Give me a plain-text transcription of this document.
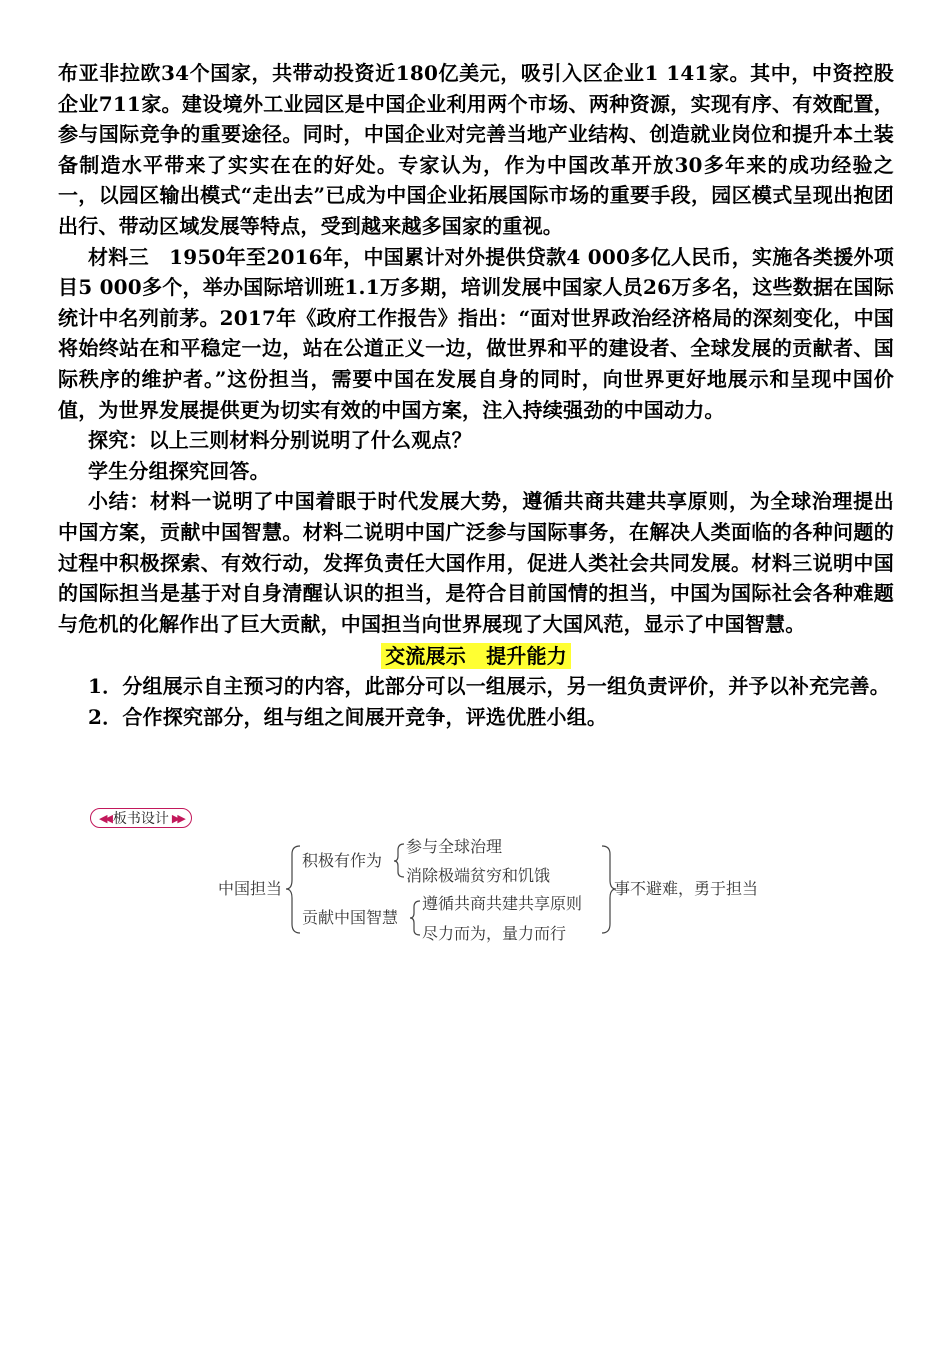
布亚非拉欧34个国家，共带动投资近180亿美元，吸引入区企业1 141家。其中，中资控股企业711家。建设境外工业园区是中国企业利用两个市场、两种资源，实现有序、有效配置，参与国际竞争的重要途径。同时，中国企业对完善当地产业结构、创造就业岗位和提升本土装备制造水平带来了实实在在的好处。专家认为，作为中国改革开放30多年来的成功经验之一，以园区输出模式“走出去”已成为中国企业拓展国际市场的重要手段，园区模式呈现出抱团出行、带动区域发展等特点，受到越来越多国家的重视。

材料三　1950年至2016年，中国累计对外提供贷款4 000多亿人民币，实施各类援外项目5 000多个，举办国际培训班1.1万多期，培训发展中国家人员26万多名，这些数据在国际统计中名列前茅。2017年《政府工作报告》指出：“面对世界政治经济格局的深刻变化，中国将始终站在和平稳定一边，站在公道正义一边，做世界和平的建设者、全球发展的贡献者、国际秩序的维护者。”这份担当，需要中国在发展自身的同时，向世界更好地展示和呈现中国价值，为世界发展提供更为切实有效的中国方案，注入持续强劲的中国动力。

探究：以上三则材料分别说明了什么观点？

学生分组探究回答。

小结：材料一说明了中国着眼于时代发展大势，遵循共商共建共享原则，为全球治理提出中国方案，贡献中国智慧。材料二说明中国广泛参与国际事务，在解决人类面临的各种问题的过程中积极探索、有效行动，发挥负责任大国作用，促进人类社会共同发展。材料三说明中国的国际担当是基于对自身清醒认识的担当，是符合目前国情的担当，中国为国际社会各种难题与危机的化解作出了巨大贡献，中国担当向世界展现了大国风范，显示了中国智慧。

交流展示　提升能力

1．分组展示自主预习的内容，此部分可以一组展示，另一组负责评价，并予以补充完善。

2．合作探究部分，组与组之间展开竞争，评选优胜小组。

◀◀ 板书设计 ▶▶
中国担当
积极有作为
参与全球治理
消除极端贫穷和饥饿
贡献中国智慧
遵循共商共建共享原则
尽力而为，量力而行
事不避难，勇于担当
